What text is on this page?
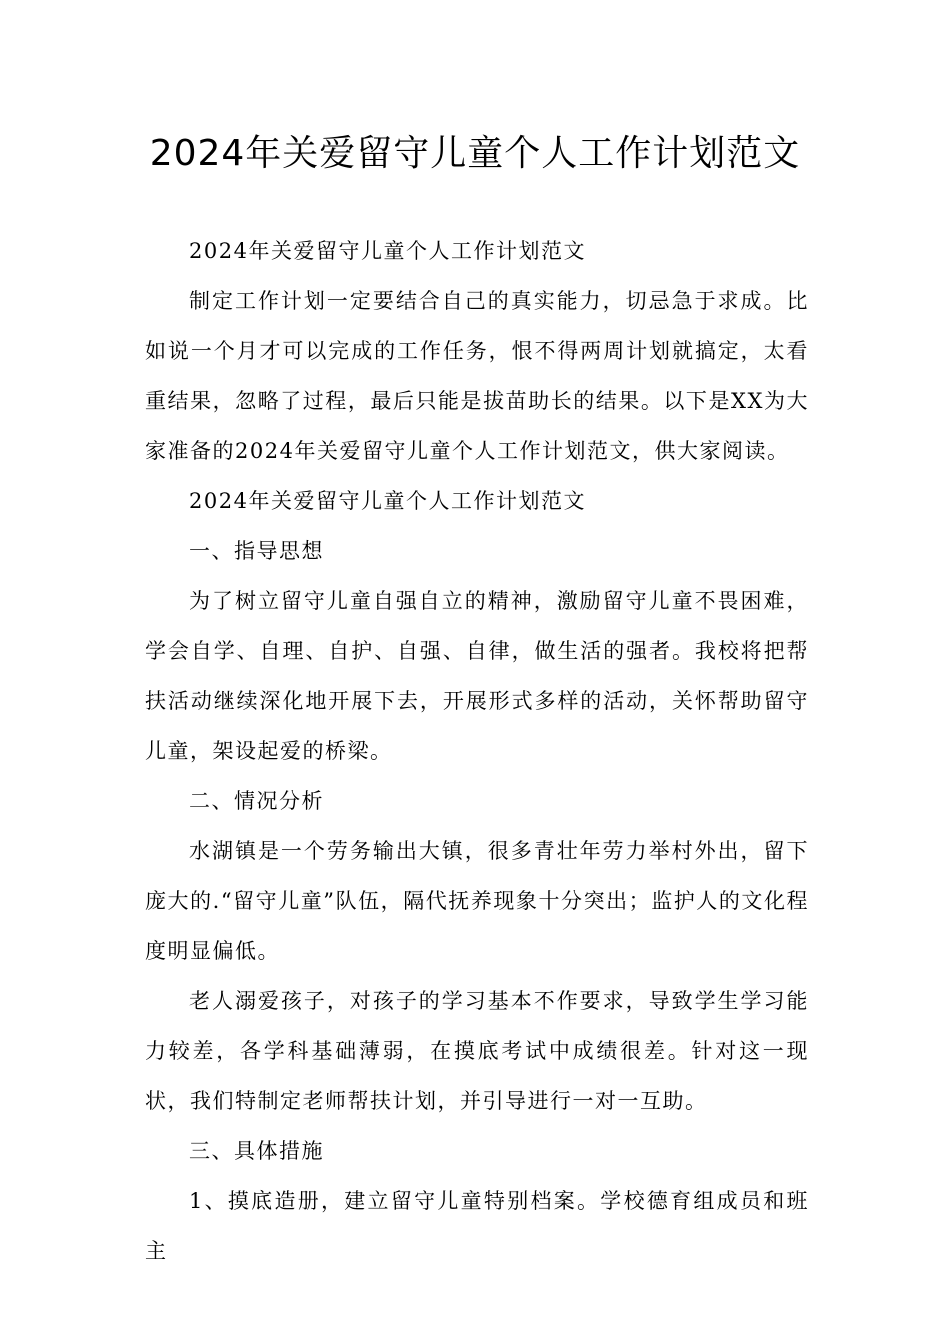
2024年关爱留守儿童个人工作计划范文

2024年关爱留守儿童个人工作计划范文

制定工作计划一定要结合自己的真实能力，切忌急于求成。比如说一个月才可以完成的工作任务，恨不得两周计划就搞定，太看重结果，忽略了过程，最后只能是拔苗助长的结果。以下是XX为大家准备的2024年关爱留守儿童个人工作计划范文，供大家阅读。

2024年关爱留守儿童个人工作计划范文

一、指导思想

为了树立留守儿童自强自立的精神，激励留守儿童不畏困难，学会自学、自理、自护、自强、自律，做生活的强者。我校将把帮扶活动继续深化地开展下去，开展形式多样的活动，关怀帮助留守儿童，架设起爱的桥梁。

二、情况分析

水湖镇是一个劳务输出大镇，很多青壮年劳力举村外出，留下庞大的.“留守儿童”队伍，隔代抚养现象十分突出；监护人的文化程度明显偏低。

老人溺爱孩子，对孩子的学习基本不作要求，导致学生学习能力较差，各学科基础薄弱，在摸底考试中成绩很差。针对这一现状，我们特制定老师帮扶计划，并引导进行一对一互助。

三、具体措施

1、摸底造册，建立留守儿童特别档案。学校德育组成员和班主
